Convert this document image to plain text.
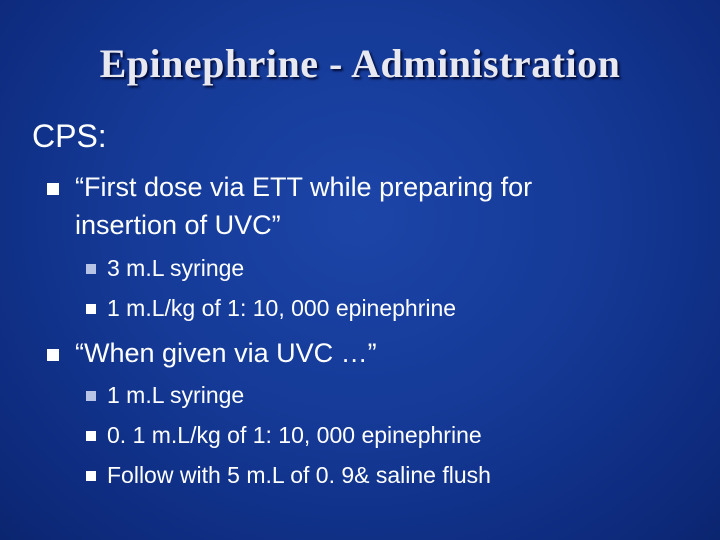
Epinephrine - Administration
CPS:
“First dose via ETT while preparing for
insertion of UVC”
3 m.L syringe
1 m.L/kg of 1: 10, 000 epinephrine
“When given via UVC …”
1 m.L syringe
0. 1 m.L/kg of 1: 10, 000 epinephrine
Follow with 5 m.L of 0. 9& saline flush
